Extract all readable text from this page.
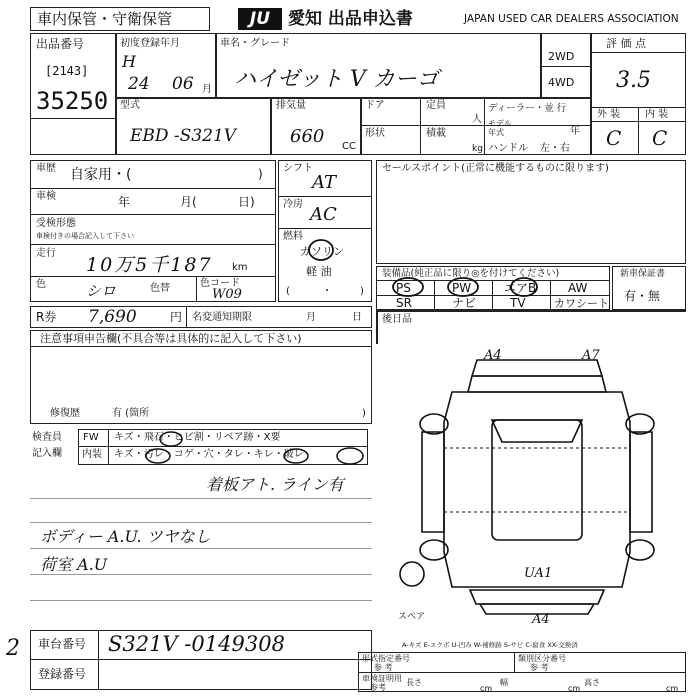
車内保管・守衛保管	JU	愛知 出品申込書	JAPAN USED CAR DEALERS ASSOCIATION
出品番号
[2143]
35250
初度登録年月
H
24 06 月
車名・グレード
ハイゼット V カーゴ
2WD
4WD
評 価 点
3.5
外 装 内 装
C C
型式
EBD -S321V
排気量
660 CC
ドア	定員
人
ディーラー・並 行
モデル 年式	年
形状	積載
kg ハンドル 左・右
車歴 自家用・(	)
車検	年	月(	日)
受検形態
車検付きの場合記入して下さい
走行
10万5千187 km
色	シロ	色替	色コード
W09
シフト
AT
冷房 AC
燃料
ガソリン
軽 油
(	・	)
セールスポイント(正常に機能するものに限ります)
装備品(純正品に限り◎を付けてください)
PS	PW	エアB	AW
SR	ナビ	TV	カワシート
新車保証書
有・無
R券 7,690	円 名変通知期限	月	日 後日品
注意事項申告欄(不具合等は具体的に記入して下さい)
修復歴	有 (箇所	)
検査員
記入欄
FW キズ・飛石・ヒビ割・リペア跡・X要
内装 キズ・汚レ・コゲ・穴・タレ・キレ・破レ
着板アト. ライン有
ボディー A.U. ツヤなし
荷室 A.U
A4	A7
UA1
A4
スペア
A-キズ E-エクボ U-凹み W-補修跡 S-サビ C-腐食 XX-交換済
車台番号 S321V -0149308
登録番号
2	形式指定番号
参 考
類別区分番号
参 考
車検証明用
参考
長さ
cm
幅
cm
高さ
cm
